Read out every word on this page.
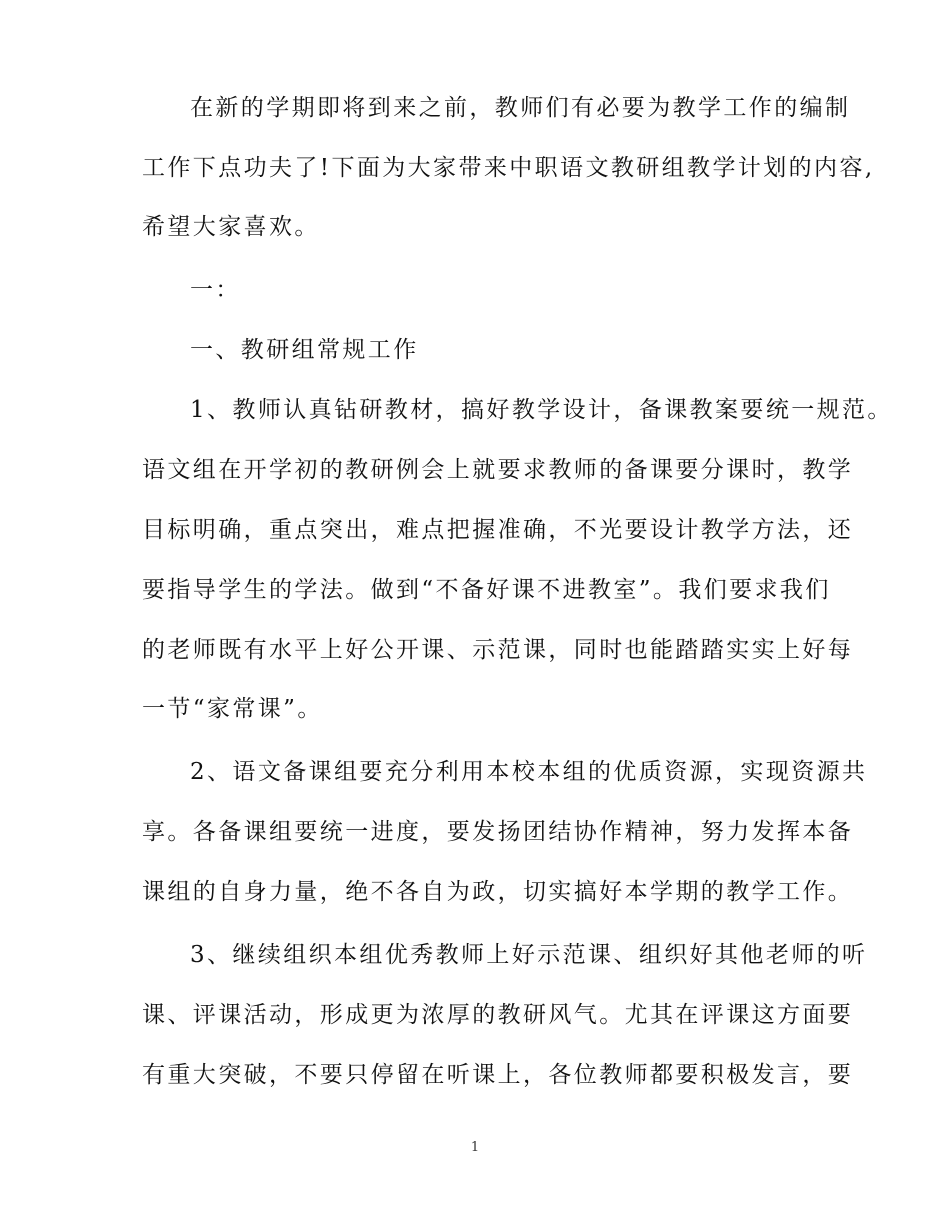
在新的学期即将到来之前，教师们有必要为教学工作的编制
工作下点功夫了!下面为大家带来中职语文教研组教学计划的内容,
希望大家喜欢。
一：
一、教研组常规工作
1、教师认真钻研教材，搞好教学设计，备课教案要统一规范。
语文组在开学初的教研例会上就要求教师的备课要分课时，教学
目标明确，重点突出，难点把握准确，不光要设计教学方法，还
要指导学生的学法。做到“不备好课不进教室”。我们要求我们
的老师既有水平上好公开课、示范课，同时也能踏踏实实上好每
一节“家常课”。
2、语文备课组要充分利用本校本组的优质资源，实现资源共
享。各备课组要统一进度，要发扬团结协作精神，努力发挥本备
课组的自身力量，绝不各自为政，切实搞好本学期的教学工作。
3、继续组织本组优秀教师上好示范课、组织好其他老师的听
课、评课活动，形成更为浓厚的教研风气。尤其在评课这方面要
有重大突破，不要只停留在听课上，各位教师都要积极发言，要
1
